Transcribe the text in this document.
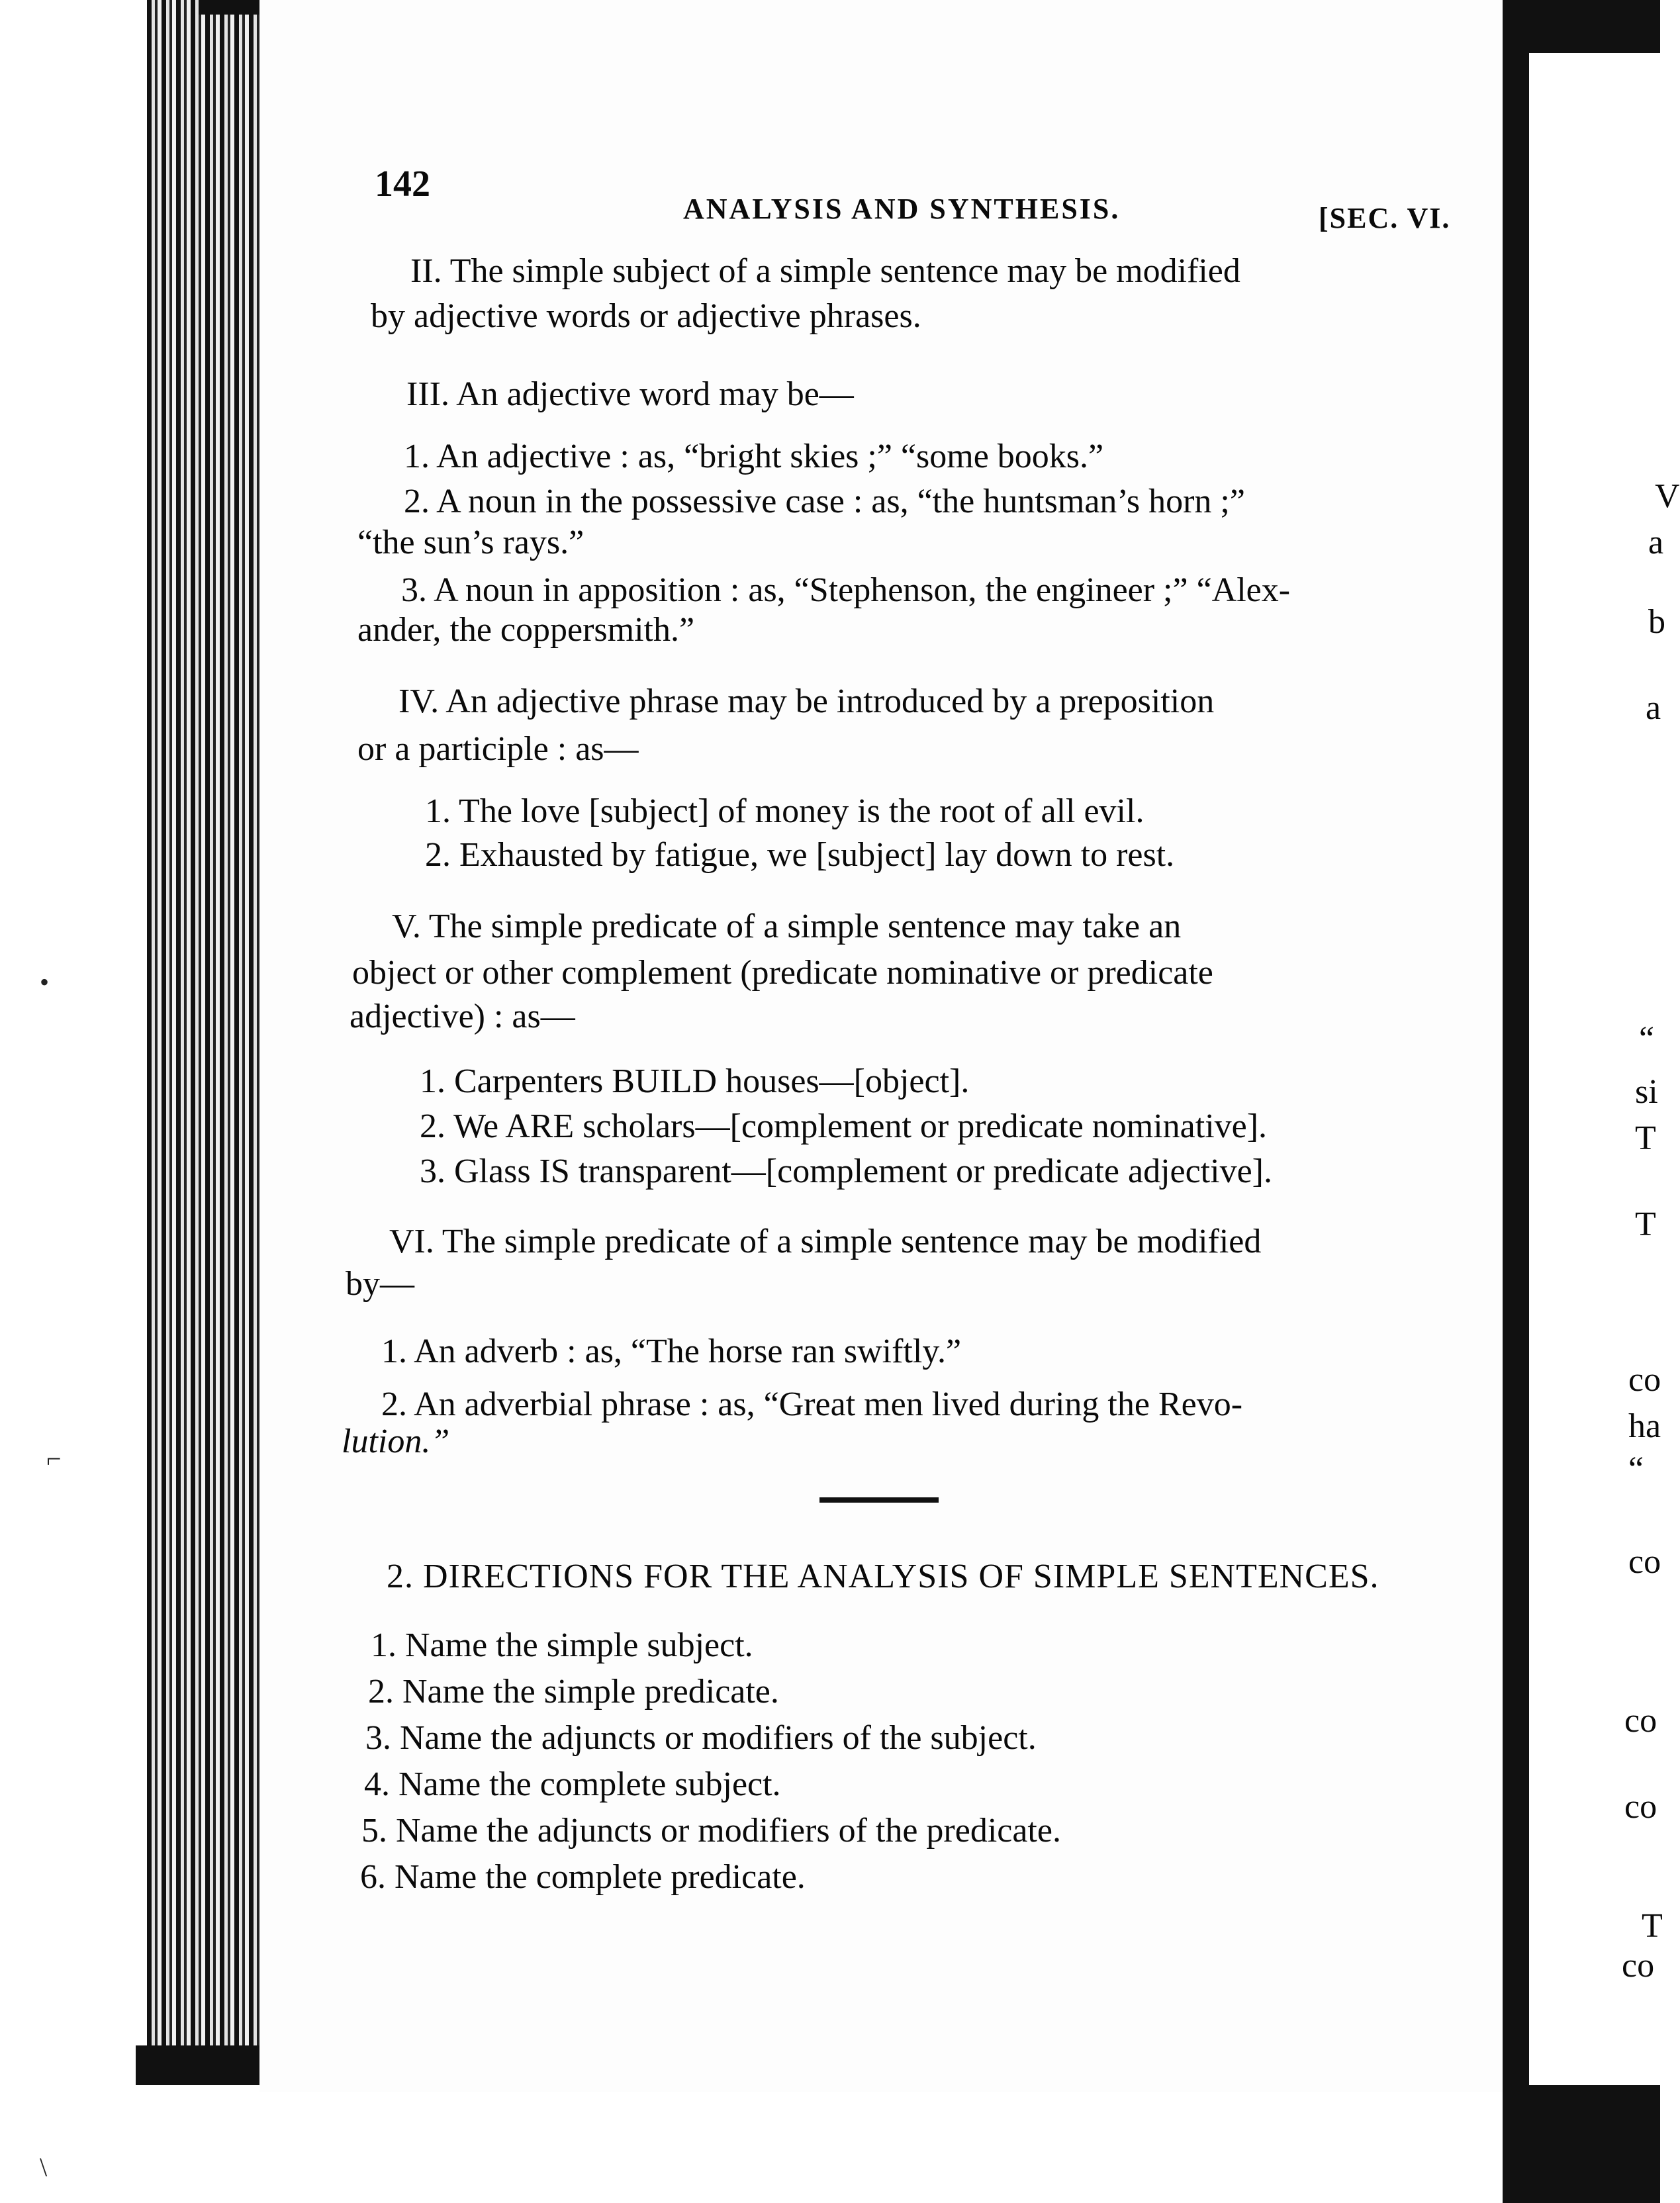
142
ANALYSIS AND SYNTHESIS.	[SEC. VI.
II. The simple subject of a simple sentence may be modified
by adjective words or adjective phrases.
III. An adjective word may be—
1. An adjective : as, “bright skies ;” “some books.”
2. A noun in the possessive case : as, “the huntsman’s horn ;”
“the sun’s rays.”
3. A noun in apposition : as, “Stephenson, the engineer ;” “Alex-
ander, the coppersmith.”
IV. An adjective phrase may be introduced by a preposition
or a participle : as—
1. The love [subject] of money is the root of all evil.
2. Exhausted by fatigue, we [subject] lay down to rest.
V. The simple predicate of a simple sentence may take an
object or other complement (predicate nominative or predicate
adjective) : as—
1. Carpenters BUILD houses—[object].
2. We ARE scholars—[complement or predicate nominative].
3. Glass IS transparent—[complement or predicate adjective].
VI. The simple predicate of a simple sentence may be modified
by—
1. An adverb : as, “The horse ran swiftly.”
2. An adverbial phrase : as, “Great men lived during the Revo-
lution.”
2. DIRECTIONS FOR THE ANALYSIS OF SIMPLE SENTENCES.
1. Name the simple subject.
2. Name the simple predicate.
3. Name the adjuncts or modifiers of the subject.
4. Name the complete subject.
5. Name the adjuncts or modifiers of the predicate.
6. Name the complete predicate.
V
a
b
a
“
si
T
T
co
ha
“
co
co
co
T
co
•
⌐
\
